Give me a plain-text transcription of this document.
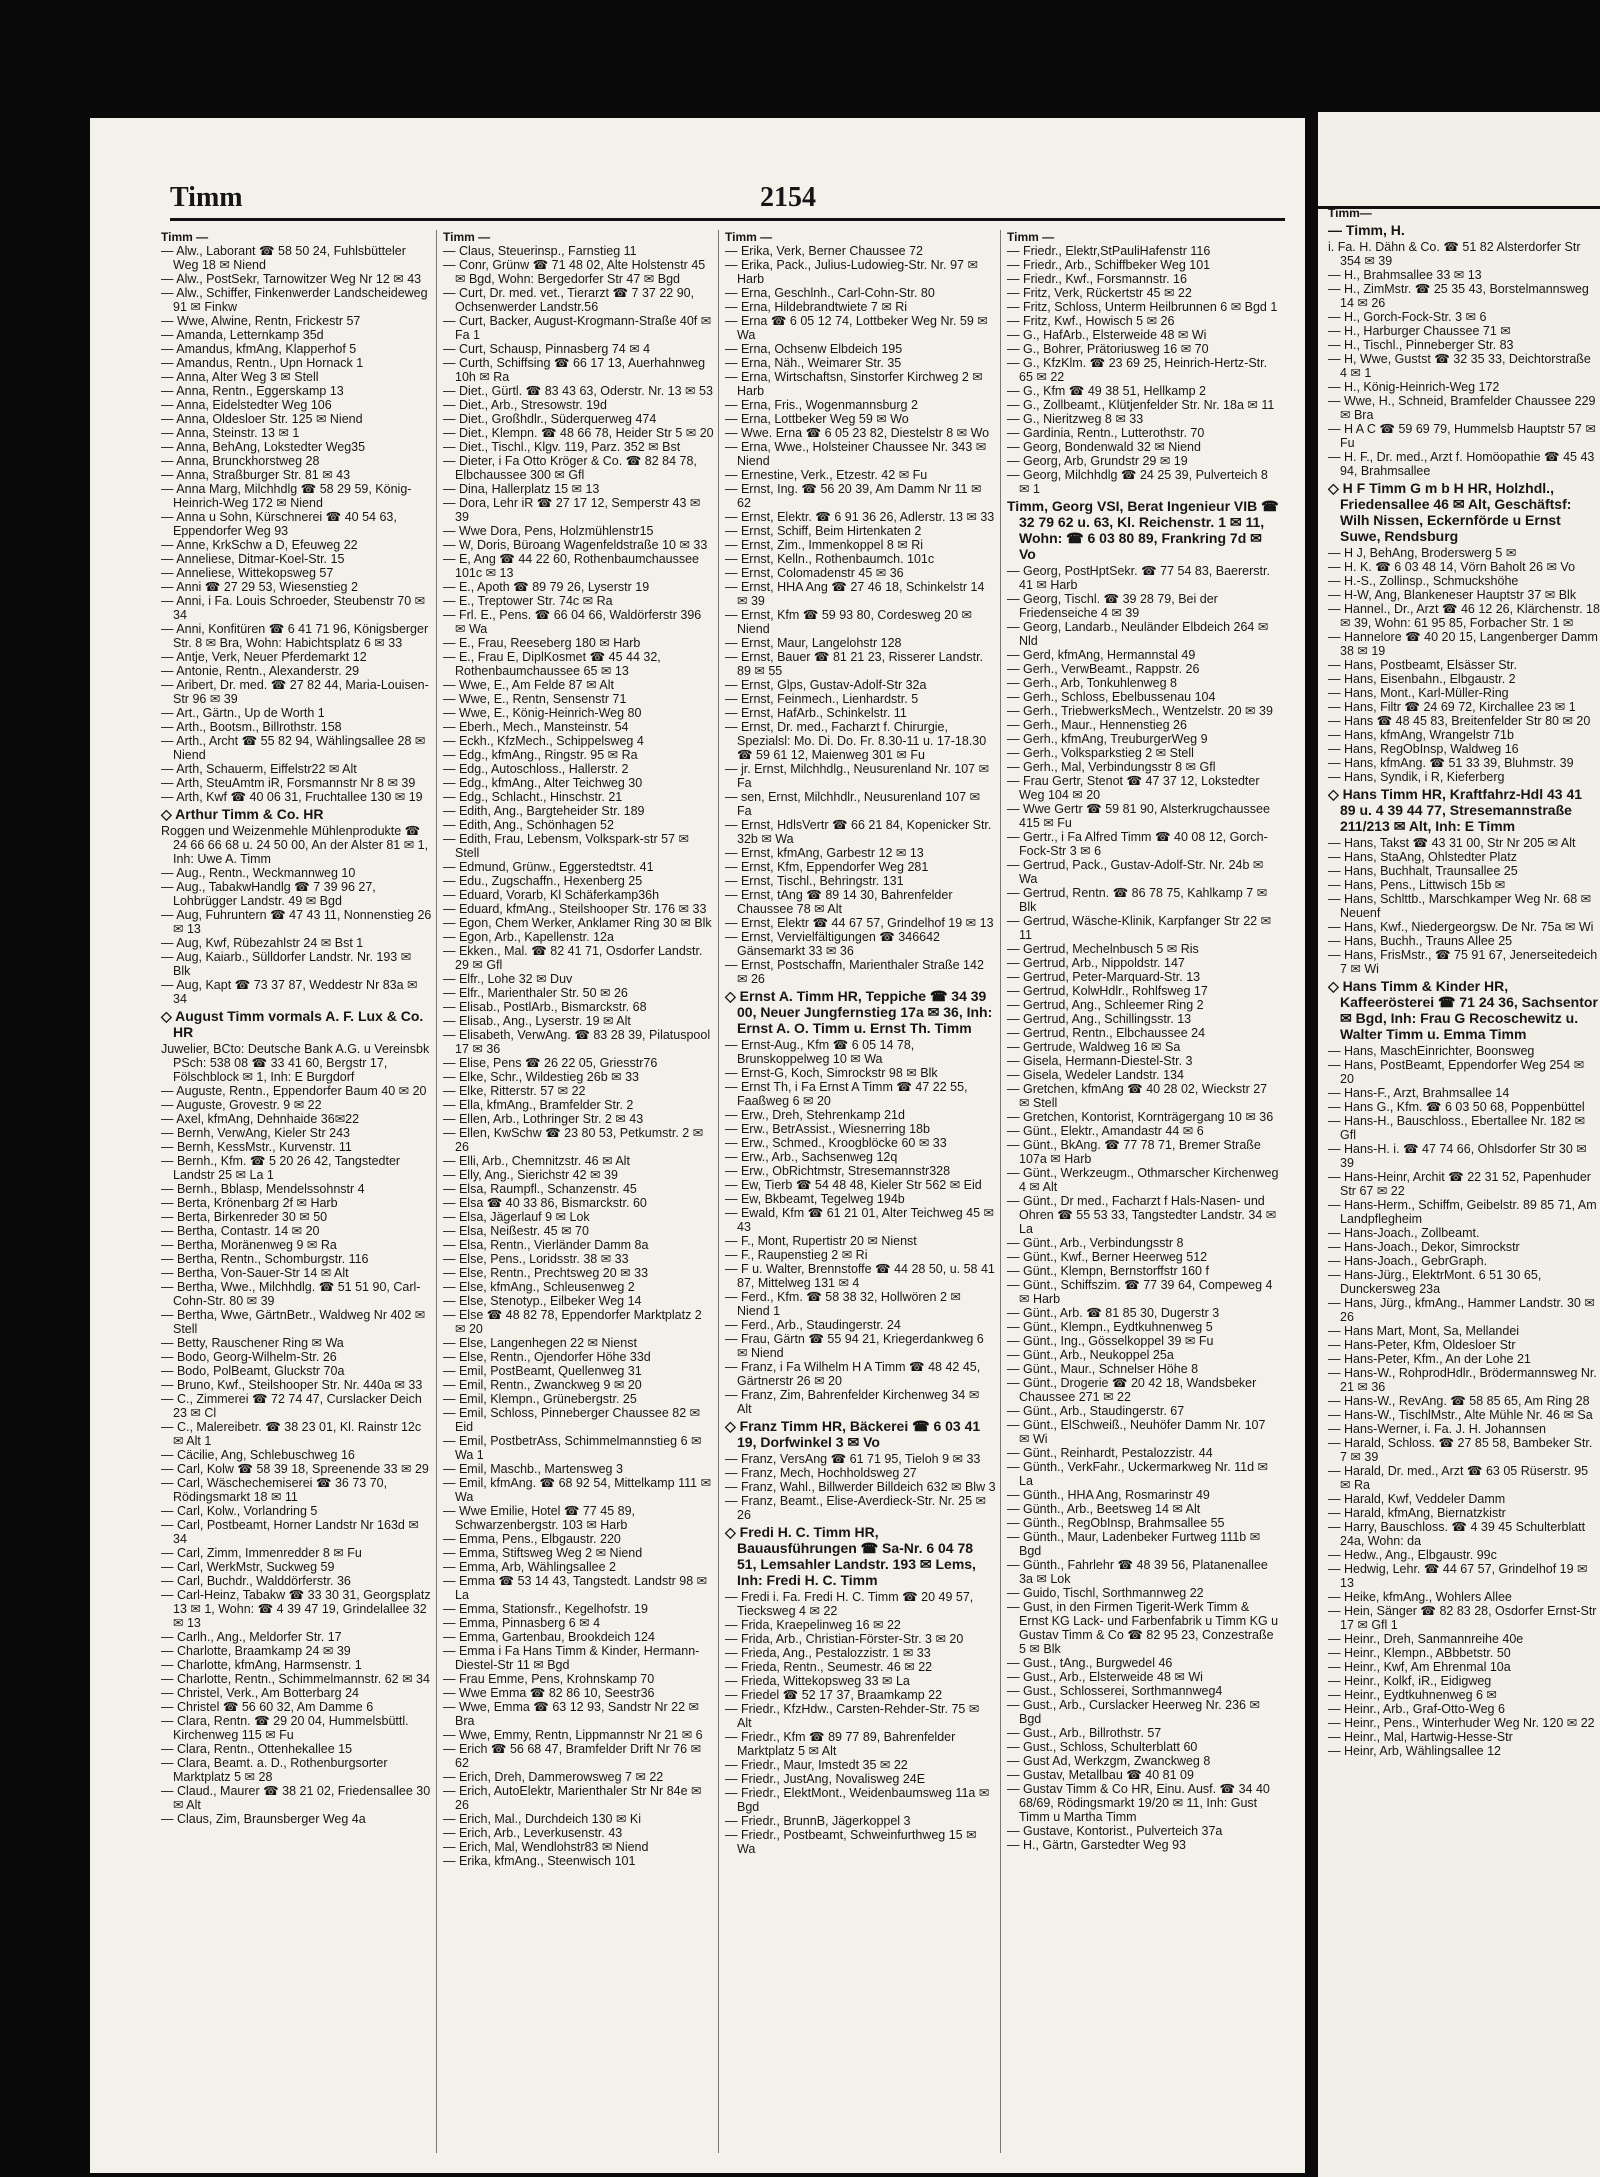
Timm	2154
Timm —
— Alw., Laborant ☎ 58 50 24, Fuhlsbütteler Weg 18 ✉ Niend
— Alw., PostSekr, Tarnowitzer Weg Nr 12 ✉ 43
— Alw., Schiffer, Finkenwerder Landscheideweg 91 ✉ Finkw
— Wwe, Alwine, Rentn, Frickestr 57
— Amanda, Letternkamp 35d
— Amandus, kfmAng, Klapperhof 5
— Amandus, Rentn., Upn Hornack 1
— Anna, Alter Weg 3 ✉ Stell
— Anna, Rentn., Eggerskamp 13
— Anna, Eidelstedter Weg 106
— Anna, Oldesloer Str. 125 ✉ Niend
— Anna, Steinstr. 13 ✉ 1
— Anna, BehAng, Lokstedter Weg35
— Anna, Brunckhorstweg 28
— Anna, Straßburger Str. 81 ✉ 43
— Anna Marg, Milchhdlg ☎ 58 29 59, König-Heinrich-Weg 172 ✉ Niend
— Anna u Sohn, Kürschnerei ☎ 40 54 63, Eppendorfer Weg 93
— Anne, KrkSchw a D, Efeuweg 22
— Anneliese, Ditmar-Koel-Str. 15
— Anneliese, Wittekopsweg 57
— Anni ☎ 27 29 53, Wiesenstieg 2
— Anni, i Fa. Louis Schroeder, Steubenstr 70 ✉ 34
— Anni, Konfitüren ☎ 6 41 71 96, Königsberger Str. 8 ✉ Bra, Wohn: Habichtsplatz 6 ✉ 33
— Antje, Verk, Neuer Pferdemarkt 12
— Antonie, Rentn., Alexanderstr. 29
— Aribert, Dr. med. ☎ 27 82 44, Maria-Louisen-Str 96 ✉ 39
— Art., Gärtn., Up de Worth 1
— Arth., Bootsm., Billrothstr. 158
— Arth., Archt ☎ 55 82 94, Wählingsallee 28 ✉ Niend
— Arth, Schauerm, Eiffelstr22 ✉ Alt
— Arth, SteuAmtm iR, Forsmannstr Nr 8 ✉ 39
— Arth, Kwf ☎ 40 06 31, Fruchtallee 130 ✉ 19
◇ Arthur Timm & Co. HR
Roggen und Weizenmehle Mühlenprodukte ☎ 24 66 66 68 u. 24 50 00, An der Alster 81 ✉ 1, Inh: Uwe A. Timm
— Aug., Rentn., Weckmannweg 10
— Aug., TabakwHandlg ☎ 7 39 96 27, Lohbrügger Landstr. 49 ✉ Bgd
— Aug, Fuhruntern ☎ 47 43 11, Nonnenstieg 26 ✉ 13
— Aug, Kwf, Rübezahlstr 24 ✉ Bst 1
— Aug, Kaiarb., Sülldorfer Landstr. Nr. 193 ✉ Blk
— Aug, Kapt ☎ 73 37 87, Weddestr Nr 83a ✉ 34
◇ August Timm vormals A. F. Lux & Co. HR
Juwelier, BCto: Deutsche Bank A.G. u Vereinsbk PSch: 538 08 ☎ 33 41 60, Bergstr 17, Fölschblock ✉ 1, Inh: E Burgdorf
— Auguste, Rentn., Eppendorfer Baum 40 ✉ 20
— Auguste, Grovestr. 9 ✉ 22
— Axel, kfmAng, Dehnhaide 36✉22
— Bernh, VerwAng, Kieler Str 243
— Bernh, KessMstr., Kurvenstr. 11
— Bernh., Kfm. ☎ 5 20 26 42, Tangstedter Landstr 25 ✉ La 1
— Bernh., Bblasp, Mendelssohnstr 4
— Berta, Krönenbarg 2f ✉ Harb
— Berta, Birkenreder 30 ✉ 50
— Bertha, Contastr. 14 ✉ 20
— Bertha, Moränenweg 9 ✉ Ra
— Bertha, Rentn., Schomburgstr. 116
— Bertha, Von-Sauer-Str 14 ✉ Alt
— Bertha, Wwe., Milchhdlg. ☎ 51 51 90, Carl-Cohn-Str. 80 ✉ 39
— Bertha, Wwe, GärtnBetr., Waldweg Nr 402 ✉ Stell
— Betty, Rauschener Ring ✉ Wa
— Bodo, Georg-Wilhelm-Str. 26
— Bodo, PolBeamt, Gluckstr 70a
— Bruno, Kwf., Steilshooper Str. Nr. 440a ✉ 33
— C., Zimmerei ☎ 72 74 47, Curslacker Deich 23 ✉ Cl
— C., Malereibetr. ☎ 38 23 01, Kl. Rainstr 12c ✉ Alt 1
— Cäcilie, Ang, Schlebuschweg 16
— Carl, Kolw ☎ 58 39 18, Spreenende 33 ✉ 29
— Carl, Wäschechemiserei ☎ 36 73 70, Rödingsmarkt 18 ✉ 11
— Carl, Kolw., Vorlandring 5
— Carl, Postbeamt, Horner Landstr Nr 163d ✉ 34
— Carl, Zimm, Immenredder 8 ✉ Fu
— Carl, WerkMstr, Suckweg 59
— Carl, Buchdr., Walddörferstr. 36
— Carl-Heinz, Tabakw ☎ 33 30 31, Georgsplatz 13 ✉ 1, Wohn: ☎ 4 39 47 19, Grindelallee 32 ✉ 13
— Carlh., Ang., Meldorfer Str. 17
— Charlotte, Braamkamp 24 ✉ 39
— Charlotte, kfmAng, Harmsenstr. 1
— Charlotte, Rentn., Schimmelmannstr. 62 ✉ 34
— Christel, Verk., Am Botterbarg 24
— Christel ☎ 56 60 32, Am Damme 6
— Clara, Rentn. ☎ 29 20 04, Hummelsbüttl. Kirchenweg 115 ✉ Fu
— Clara, Rentn., Ottenhekallee 15
— Clara, Beamt. a. D., Rothenburgsorter Marktplatz 5 ✉ 28
— Claud., Maurer ☎ 38 21 02, Friedensallee 30 ✉ Alt
— Claus, Zim, Braunsberger Weg 4a
Timm —
— Claus, Steuerinsp., Farnstieg 11
— Conr, Grünw ☎ 71 48 02, Alte Holstenstr 45 ✉ Bgd, Wohn: Bergedorfer Str 47 ✉ Bgd
— Curt, Dr. med. vet., Tierarzt ☎ 7 37 22 90, Ochsenwerder Landstr.56
— Curt, Backer, August-Krogmann-Straße 40f ✉ Fa 1
— Curt, Schausp, Pinnasberg 74 ✉ 4
— Curth, Schiffsing ☎ 66 17 13, Auerhahnweg 10h ✉ Ra
— Diet., Gürtl. ☎ 83 43 63, Oderstr. Nr. 13 ✉ 53
— Diet., Arb., Stresowstr. 19d
— Diet., Großhdlr., Süderquerweg 474
— Diet., Klempn. ☎ 48 66 78, Heider Str 5 ✉ 20
— Diet., Tischl., Klgv. 119, Parz. 352 ✉ Bst
— Dieter, i Fa Otto Kröger & Co. ☎ 82 84 78, Elbchaussee 300 ✉ Gfl
— Dina, Hallerplatz 15 ✉ 13
— Dora, Lehr iR ☎ 27 17 12, Semperstr 43 ✉ 39
— Wwe Dora, Pens, Holzmühlenstr15
— W, Doris, Büroang Wagenfeldstraße 10 ✉ 33
— E, Ang ☎ 44 22 60, Rothenbaumchaussee 101c ✉ 13
— E., Apoth ☎ 89 79 26, Lyserstr 19
— E., Treptower Str. 74c ✉ Ra
— Frl. E., Pens. ☎ 66 04 66, Waldörferstr 396 ✉ Wa
— E., Frau, Reeseberg 180 ✉ Harb
— E., Frau E, DiplKosmet ☎ 45 44 32, Rothenbaumchaussee 65 ✉ 13
— Wwe, E., Am Felde 87 ✉ Alt
— Wwe, E., Rentn, Sensenstr 71
— Wwe, E., König-Heinrich-Weg 80
— Eberh., Mech., Mansteinstr. 54
— Eckh., KfzMech., Schippelsweg 4
— Edg., kfmAng., Ringstr. 95 ✉ Ra
— Edg., Autoschloss., Hallerstr. 2
— Edg., kfmAng., Alter Teichweg 30
— Edg., Schlacht., Hinschstr. 21
— Edith, Ang., Bargteheider Str. 189
— Edith, Ang., Schönhagen 52
— Edith, Frau, Lebensm, Volkspark-str 57 ✉ Stell
— Edmund, Grünw., Eggerstedtstr. 41
— Edu., Zugschaffn., Hexenberg 25
— Eduard, Vorarb, Kl Schäferkamp36h
— Eduard, kfmAng., Steilshooper Str. 176 ✉ 33
— Egon, Chem Werker, Anklamer Ring 30 ✉ Blk
— Egon, Arb., Kapellenstr. 12a
— Ekken., Mal. ☎ 82 41 71, Osdorfer Landstr. 29 ✉ Gfl
— Elfr., Lohe 32 ✉ Duv
— Elfr., Marienthaler Str. 50 ✉ 26
— Elisab., PostlArb., Bismarckstr. 68
— Elisab., Ang., Lyserstr. 19 ✉ Alt
— Elisabeth, VerwAng. ☎ 83 28 39, Pilatuspool 17 ✉ 36
— Elise, Pens ☎ 26 22 05, Griesstr76
— Elke, Schr., Wildestieg 26b ✉ 33
— Elke, Ritterstr. 57 ✉ 22
— Ella, kfmAng., Bramfelder Str. 2
— Ellen, Arb., Lothringer Str. 2 ✉ 43
— Ellen, KwSchw ☎ 23 80 53, Petkumstr. 2 ✉ 26
— Elli, Arb., Chemnitzstr. 46 ✉ Alt
— Elly, Ang., Sierichstr 42 ✉ 39
— Elsa, Raumpfl., Schanzenstr. 45
— Elsa ☎ 40 33 86, Bismarckstr. 60
— Elsa, Jägerlauf 9 ✉ Lok
— Elsa, Neißestr. 45 ✉ 70
— Elsa, Rentn., Vierländer Damm 8a
— Else, Pens., Loridsstr. 38 ✉ 33
— Else, Rentn., Prechtsweg 20 ✉ 33
— Else, kfmAng., Schleusenweg 2
— Else, Stenotyp., Eilbeker Weg 14
— Else ☎ 48 82 78, Eppendorfer Marktplatz 2 ✉ 20
— Else, Langenhegen 22 ✉ Nienst
— Else, Rentn., Ojendorfer Höhe 33d
— Emil, PostBeamt, Quellenweg 31
— Emil, Rentn., Zwanckweg 9 ✉ 20
— Emil, Klempn., Grünebergstr. 25
— Emil, Schloss, Pinneberger Chaussee 82 ✉ Eid
— Emil, PostbetrAss, Schimmelmannstieg 6 ✉ Wa 1
— Emil, Maschb., Martensweg 3
— Emil, kfmAng. ☎ 68 92 54, Mittelkamp 111 ✉ Wa
— Wwe Emilie, Hotel ☎ 77 45 89, Schwarzenbergstr. 103 ✉ Harb
— Emma, Pens., Elbgaustr. 220
— Emma, Stiftsweg Weg 2 ✉ Niend
— Emma, Arb, Wählingsallee 2
— Emma ☎ 53 14 43, Tangstedt. Landstr 98 ✉ La
— Emma, Stationsfr., Kegelhofstr. 19
— Emma, Pinnasberg 6 ✉ 4
— Emma, Gartenbau, Brookdeich 124
— Emma i Fa Hans Timm & Kinder, Hermann-Diestel-Str 11 ✉ Bgd
— Frau Emme, Pens, Krohnskamp 70
— Wwe Emma ☎ 82 86 10, Seestr36
— Wwe, Emma ☎ 63 12 93, Sandstr Nr 22 ✉ Bra
— Wwe, Emmy, Rentn, Lippmannstr Nr 21 ✉ 6
— Erich ☎ 56 68 47, Bramfelder Drift Nr 76 ✉ 62
— Erich, Dreh, Dammerowsweg 7 ✉ 22
— Erich, AutoElektr, Marienthaler Str Nr 84e ✉ 26
— Erich, Mal., Durchdeich 130 ✉ Ki
— Erich, Arb., Leverkusenstr. 43
— Erich, Mal, Wendlohstr83 ✉ Niend
— Erika, kfmAng., Steenwisch 101
Timm —
— Erika, Verk, Berner Chaussee 72
— Erika, Pack., Julius-Ludowieg-Str. Nr. 97 ✉ Harb
— Erna, Geschlnh., Carl-Cohn-Str. 80
— Erna, Hildebrandtwiete 7 ✉ Ri
— Erna ☎ 6 05 12 74, Lottbeker Weg Nr. 59 ✉ Wa
— Erna, Ochsenw Elbdeich 195
— Erna, Näh., Weimarer Str. 35
— Erna, Wirtschaftsn, Sinstorfer Kirchweg 2 ✉ Harb
— Erna, Fris., Wogenmannsburg 2
— Erna, Lottbeker Weg 59 ✉ Wo
— Wwe. Erna ☎ 6 05 23 82, Diestelstr 8 ✉ Wo
— Erna, Wwe., Holsteiner Chaussee Nr. 343 ✉ Niend
— Ernestine, Verk., Etzestr. 42 ✉ Fu
— Ernst, Ing. ☎ 56 20 39, Am Damm Nr 11 ✉ 62
— Ernst, Elektr. ☎ 6 91 36 26, Adlerstr. 13 ✉ 33
— Ernst, Schiff, Beim Hirtenkaten 2
— Ernst, Zim., Immenkoppel 8 ✉ Ri
— Ernst, Kelln., Rothenbaumch. 101c
— Ernst, Colomadenstr 45 ✉ 36
— Ernst, HHA Ang ☎ 27 46 18, Schinkelstr 14 ✉ 39
— Ernst, Kfm ☎ 59 93 80, Cordesweg 20 ✉ Niend
— Ernst, Maur, Langelohstr 128
— Ernst, Bauer ☎ 81 21 23, Risserer Landstr. 89 ✉ 55
— Ernst, Glps, Gustav-Adolf-Str 32a
— Ernst, Feinmech., Lienhardstr. 5
— Ernst, HafArb., Schinkelstr. 11
— Ernst, Dr. med., Facharzt f. Chirurgie, Spezialsl: Mo. Di. Do. Fr. 8.30-11 u. 17-18.30 ☎ 59 61 12, Maienweg 301 ✉ Fu
— jr. Ernst, Milchhdlg., Neusurenland Nr. 107 ✉ Fa
— sen, Ernst, Milchhdlr., Neusurenland 107 ✉ Fa
— Ernst, HdlsVertr ☎ 66 21 84, Kopenicker Str. 32b ✉ Wa
— Ernst, kfmAng, Garbestr 12 ✉ 13
— Ernst, Kfm, Eppendorfer Weg 281
— Ernst, Tischl., Behringstr. 131
— Ernst, tAng ☎ 89 14 30, Bahrenfelder Chaussee 78 ✉ Alt
— Ernst, Elektr ☎ 44 67 57, Grindelhof 19 ✉ 13
— Ernst, Vervielfältigungen ☎ 346642 Gänsemarkt 33 ✉ 36
— Ernst, Postschaffn, Marienthaler Straße 142 ✉ 26
◇ Ernst A. Timm HR, Teppiche ☎ 34 39 00, Neuer Jungfernstieg 17a ✉ 36, Inh: Ernst A. O. Timm u. Ernst Th. Timm
— Ernst-Aug., Kfm ☎ 6 05 14 78, Brunskoppelweg 10 ✉ Wa
— Ernst-G, Koch, Simrockstr 98 ✉ Blk
— Ernst Th, i Fa Ernst A Timm ☎ 47 22 55, Faaßweg 6 ✉ 20
— Erw., Dreh, Stehrenkamp 21d
— Erw., BetrAssist., Wiesnerring 18b
— Erw., Schmed., Kroogblöcke 60 ✉ 33
— Erw., Arb., Sachsenweg 12q
— Erw., ObRichtmstr, Stresemannstr328
— Ew, Tierb ☎ 54 48 48, Kieler Str 562 ✉ Eid
— Ew, Bkbeamt, Tegelweg 194b
— Ewald, Kfm ☎ 61 21 01, Alter Teichweg 45 ✉ 43
— F., Mont, Rupertistr 20 ✉ Nienst
— F., Raupenstieg 2 ✉ Ri
— F u. Walter, Brennstoffe ☎ 44 28 50, u. 58 41 87, Mittelweg 131 ✉ 4
— Ferd., Kfm. ☎ 58 38 32, Hollwören 2 ✉ Niend 1
— Ferd., Arb., Staudingerstr. 24
— Frau, Gärtn ☎ 55 94 21, Kriegerdankweg 6 ✉ Niend
— Franz, i Fa Wilhelm H A Timm ☎ 48 42 45, Gärtnerstr 26 ✉ 20
— Franz, Zim, Bahrenfelder Kirchenweg 34 ✉ Alt
◇ Franz Timm HR, Bäckerei ☎ 6 03 41 19, Dorfwinkel 3 ✉ Vo
— Franz, VersAng ☎ 61 71 95, Tieloh 9 ✉ 33
— Franz, Mech, Hochholdsweg 27
— Franz, Wahl., Billwerder Billdeich 632 ✉ Blw 3
— Franz, Beamt., Elise-Averdieck-Str. Nr. 25 ✉ 26
◇ Fredi H. C. Timm HR, Bauausführungen ☎ Sa-Nr. 6 04 78 51, Lemsahler Landstr. 193 ✉ Lems, Inh: Fredi H. C. Timm
— Fredi i. Fa. Fredi H. C. Timm ☎ 20 49 57, Tiecksweg 4 ✉ 22
— Frida, Kraepelinweg 16 ✉ 22
— Frida, Arb., Christian-Förster-Str. 3 ✉ 20
— Frieda, Ang., Pestalozzistr. 1 ✉ 33
— Frieda, Rentn., Seumestr. 46 ✉ 22
— Frieda, Wittekopsweg 33 ✉ La
— Friedel ☎ 52 17 37, Braamkamp 22
— Friedr., KfzHdw., Carsten-Rehder-Str. 75 ✉ Alt
— Friedr., Kfm ☎ 89 77 89, Bahrenfelder Marktplatz 5 ✉ Alt
— Friedr., Maur, Imstedt 35 ✉ 22
— Friedr., JustAng, Novalisweg 24E
— Friedr., ElektMont., Weidenbaumsweg 11a ✉ Bgd
— Friedr., BrunnB, Jägerkoppel 3
— Friedr., Postbeamt, Schweinfurthweg 15 ✉ Wa
Timm —
— Friedr., Elektr,StPauliHafenstr 116
— Friedr., Arb., Schiffbeker Weg 101
— Friedr., Kwf., Forsmannstr. 16
— Fritz, Verk, Rückertstr 45 ✉ 22
— Fritz, Schloss, Unterm Heilbrunnen 6 ✉ Bgd 1
— Fritz, Kwf., Howisch 5 ✉ 26
— G., HafArb., Elsterweide 48 ✉ Wi
— G., Bohrer, Prätoriusweg 16 ✉ 70
— G., KfzKlm. ☎ 23 69 25, Heinrich-Hertz-Str. 65 ✉ 22
— G., Kfm ☎ 49 38 51, Hellkamp 2
— G., Zollbeamt., Klütjenfelder Str. Nr. 18a ✉ 11
— G., Nieritzweg 8 ✉ 33
— Gardinia, Rentn., Lutterothstr. 70
— Georg, Bondenwald 32 ✉ Niend
— Georg, Arb, Grundstr 29 ✉ 19
— Georg, Milchhdlg ☎ 24 25 39, Pulverteich 8 ✉ 1
Timm, Georg VSI, Berat Ingenieur VIB ☎ 32 79 62 u. 63, Kl. Reichenstr. 1 ✉ 11, Wohn: ☎ 6 03 80 89, Frankring 7d ✉ Vo
— Georg, PostHptSekr. ☎ 77 54 83, Baererstr. 41 ✉ Harb
— Georg, Tischl. ☎ 39 28 79, Bei der Friedenseiche 4 ✉ 39
— Georg, Landarb., Neuländer Elbdeich 264 ✉ Nld
— Gerd, kfmAng, Hermannstal 49
— Gerh., VerwBeamt., Rappstr. 26
— Gerh., Arb, Tonkuhlenweg 8
— Gerh., Schloss, Ebelbussenau 104
— Gerh., TriebwerksMech., Wentzelstr. 20 ✉ 39
— Gerh., Maur., Hennenstieg 26
— Gerh., kfmAng, TreuburgerWeg 9
— Gerh., Volksparkstieg 2 ✉ Stell
— Gerh., Mal, Verbindungsstr 8 ✉ Gfl
— Frau Gertr, Stenot ☎ 47 37 12, Lokstedter Weg 104 ✉ 20
— Wwe Gertr ☎ 59 81 90, Alsterkrugchaussee 415 ✉ Fu
— Gertr., i Fa Alfred Timm ☎ 40 08 12, Gorch-Fock-Str 3 ✉ 6
— Gertrud, Pack., Gustav-Adolf-Str. Nr. 24b ✉ Wa
— Gertrud, Rentn. ☎ 86 78 75, Kahlkamp 7 ✉ Blk
— Gertrud, Wäsche-Klinik, Karpfanger Str 22 ✉ 11
— Gertrud, Mechelnbusch 5 ✉ Ris
— Gertrud, Arb., Nippoldstr. 147
— Gertrud, Peter-Marquard-Str. 13
— Gertrud, KolwHdlr., Rohlfsweg 17
— Gertrud, Ang., Schleemer Ring 2
— Gertrud, Ang., Schillingsstr. 13
— Gertrud, Rentn., Elbchaussee 24
— Gertrude, Waldweg 16 ✉ Sa
— Gisela, Hermann-Diestel-Str. 3
— Gisela, Wedeler Landstr. 134
— Gretchen, kfmAng ☎ 40 28 02, Wieckstr 27 ✉ Stell
— Gretchen, Kontorist, Kornträgergang 10 ✉ 36
— Günt., Elektr., Amandastr 44 ✉ 6
— Günt., BkAng. ☎ 77 78 71, Bremer Straße 107a ✉ Harb
— Günt., Werkzeugm., Othmarscher Kirchenweg 4 ✉ Alt
— Günt., Dr med., Facharzt f Hals-Nasen- und Ohren ☎ 55 53 33, Tangstedter Landstr. 34 ✉ La
— Günt., Arb., Verbindungsstr 8
— Günt., Kwf., Berner Heerweg 512
— Günt., Klempn, Bernstorffstr 160 f
— Günt., Schiffszim. ☎ 77 39 64, Compeweg 4 ✉ Harb
— Günt., Arb. ☎ 81 85 30, Dugerstr 3
— Günt., Klempn., Eydtkuhnenweg 5
— Günt., Ing., Gösselkoppel 39 ✉ Fu
— Günt., Arb., Neukoppel 25a
— Günt., Maur., Schnelser Höhe 8
— Günt., Drogerie ☎ 20 42 18, Wandsbeker Chaussee 271 ✉ 22
— Günt., Arb., Staudingerstr. 67
— Günt., ElSchweiß., Neuhöfer Damm Nr. 107 ✉ Wi
— Günt., Reinhardt, Pestalozzistr. 44
— Günth., VerkFahr., Uckermarkweg Nr. 11d ✉ La
— Günth., HHA Ang, Rosmarinstr 49
— Günth., Arb., Beetsweg 14 ✉ Alt
— Günth., RegObInsp, Brahmsallee 55
— Günth., Maur, Ladenbeker Furtweg 111b ✉ Bgd
— Günth., Fahrlehr ☎ 48 39 56, Platanenallee 3a ✉ Lok
— Guido, Tischl, Sorthmannweg 22
— Gust, in den Firmen Tigerit-Werk Timm & Ernst KG Lack- und Farbenfabrik u Timm KG u Gustav Timm & Co ☎ 82 95 23, Conzestraße 5 ✉ Blk
— Gust., tAng., Burgwedel 46
— Gust., Arb., Elsterweide 48 ✉ Wi
— Gust., Schlosserei, Sorthmannweg4
— Gust., Arb., Curslacker Heerweg Nr. 236 ✉ Bgd
— Gust., Arb., Billrothstr. 57
— Gust., Schloss, Schulterblatt 60
— Gust Ad, Werkzgm, Zwanckweg 8
— Gustav, Metallbau ☎ 40 81 09
— Gustav Timm & Co HR, Einu. Ausf. ☎ 34 40 68/69, Rödingsmarkt 19/20 ✉ 11, Inh: Gust Timm u Martha Timm
— Gustave, Kontorist., Pulverteich 37a
— H., Gärtn, Garstedter Weg 93
Timm—
— Timm, H.
i. Fa. H. Dähn & Co. ☎ 51 82 Alsterdorfer Str 354 ✉ 39
— H., Brahmsallee 33 ✉ 13
— H., ZimMstr. ☎ 25 35 43, Borstelmannsweg 14 ✉ 26
— H., Gorch-Fock-Str. 3 ✉ 6
— H., Harburger Chaussee 71 ✉
— H., Tischl., Pinneberger Str. 83
— H, Wwe, Gustst ☎ 32 35 33, Deichtorstraße 4 ✉ 1
— H., König-Heinrich-Weg 172
— Wwe, H., Schneid, Bramfelder Chaussee 229 ✉ Bra
— H A C ☎ 59 69 79, Hummelsb Hauptstr 57 ✉ Fu
— H. F., Dr. med., Arzt f. Homöopathie ☎ 45 43 94, Brahmsallee
◇ H F Timm G m b H HR, Holzhdl., Friedensallee 46 ✉ Alt, Geschäftsf: Wilh Nissen, Eckernförde u Ernst Suwe, Rendsburg
— H J, BehAng, Broderswerg 5 ✉
— H. K. ☎ 6 03 48 14, Vörn Baholt 26 ✉ Vo
— H.-S., Zollinsp., Schmuckshöhe
— H-W, Ang, Blankeneser Hauptstr 37 ✉ Blk
— Hannel., Dr., Arzt ☎ 46 12 26, Klärchenstr. 18 ✉ 39, Wohn: 61 95 85, Forbacher Str. 1 ✉
— Hannelore ☎ 40 20 15, Langenberger Damm 38 ✉ 19
— Hans, Postbeamt, Elsässer Str.
— Hans, Eisenbahn., Elbgaustr. 2
— Hans, Mont., Karl-Müller-Ring
— Hans, Filtr ☎ 24 69 72, Kirchallee 23 ✉ 1
— Hans ☎ 48 45 83, Breitenfelder Str 80 ✉ 20
— Hans, kfmAng, Wrangelstr 71b
— Hans, RegObInsp, Waldweg 16
— Hans, kfmAng. ☎ 51 33 39, Bluhmstr. 39
— Hans, Syndik, i R, Kieferberg
◇ Hans Timm HR, Kraftfahrz-Hdl 43 41 89 u. 4 39 44 77, Stresemannstraße 211/213 ✉ Alt, Inh: E Timm
— Hans, Takst ☎ 43 31 00, Str Nr 205 ✉ Alt
— Hans, StaAng, Ohlstedter Platz
— Hans, Buchhalt, Traunsallee 25
— Hans, Pens., Littwisch 15b ✉
— Hans, Schlttb., Marschkamper Weg Nr. 68 ✉ Neuenf
— Hans, Kwf., Niedergeorgsw. De Nr. 75a ✉ Wi
— Hans, Buchh., Trauns Allee 25
— Hans, FrisMstr., ☎ 75 91 67, Jenerseitedeich 7 ✉ Wi
◇ Hans Timm & Kinder HR, Kaffeerösterei ☎ 71 24 36, Sachsentor ✉ Bgd, Inh: Frau G Recoschewitz u. Walter Timm u. Emma Timm
— Hans, MaschEinrichter, Boonsweg
— Hans, PostBeamt, Eppendorfer Weg 254 ✉ 20
— Hans-F., Arzt, Brahmsallee 14
— Hans G., Kfm. ☎ 6 03 50 68, Poppenbüttel
— Hans-H., Bauschloss., Ebertallee Nr. 182 ✉ Gfl
— Hans-H. i. ☎ 47 74 66, Ohlsdorfer Str 30 ✉ 39
— Hans-Heinr, Archit ☎ 22 31 52, Papenhuder Str 67 ✉ 22
— Hans-Herm., Schiffm, Geibelstr. 89 85 71, Am Landpflegheim
— Hans-Joach., Zollbeamt.
— Hans-Joach., Dekor, Simrockstr
— Hans-Joach., GebrGraph.
— Hans-Jürg., ElektrMont. 6 51 30 65, Dunckersweg 23a
— Hans, Jürg., kfmAng., Hammer Landstr. 30 ✉ 26
— Hans Mart, Mont, Sa, Mellandei
— Hans-Peter, Kfm, Oldesloer Str
— Hans-Peter, Kfm., An der Lohe 21
— Hans-W., RohprodHdlr., Brödermannsweg Nr. 21 ✉ 36
— Hans-W., RevAng. ☎ 58 85 65, Am Ring 28
— Hans-W., TischlMstr., Alte Mühle Nr. 46 ✉ Sa
— Hans-Werner, i. Fa. J. H. Johannsen
— Harald, Schloss. ☎ 27 85 58, Bambeker Str. 7 ✉ 39
— Harald, Dr. med., Arzt ☎ 63 05 Rüserstr. 95 ✉ Ra
— Harald, Kwf, Veddeler Damm
— Harald, kfmAng, Biernatzkistr
— Harry, Bauschloss. ☎ 4 39 45 Schulterblatt 24a, Wohn: da
— Hedw., Ang., Elbgaustr. 99c
— Hedwig, Lehr. ☎ 44 67 57, Grindelhof 19 ✉ 13
— Heike, kfmAng., Wohlers Allee
— Hein, Sänger ☎ 82 83 28, Osdorfer Ernst-Str 17 ✉ Gfl 1
— Heinr., Dreh, Sanmannreihe 40e
— Heinr., Klempn., ABbbetstr. 50
— Heinr., Kwf, Am Ehrenmal 10a
— Heinr., Kolkf, iR., Eidigweg
— Heinr., Eydtkuhnenweg 6 ✉
— Heinr., Arb., Graf-Otto-Weg 6
— Heinr., Pens., Winterhuder Weg Nr. 120 ✉ 22
— Heinr., Mal, Hartwig-Hesse-Str
— Heinr, Arb, Wählingsallee 12
